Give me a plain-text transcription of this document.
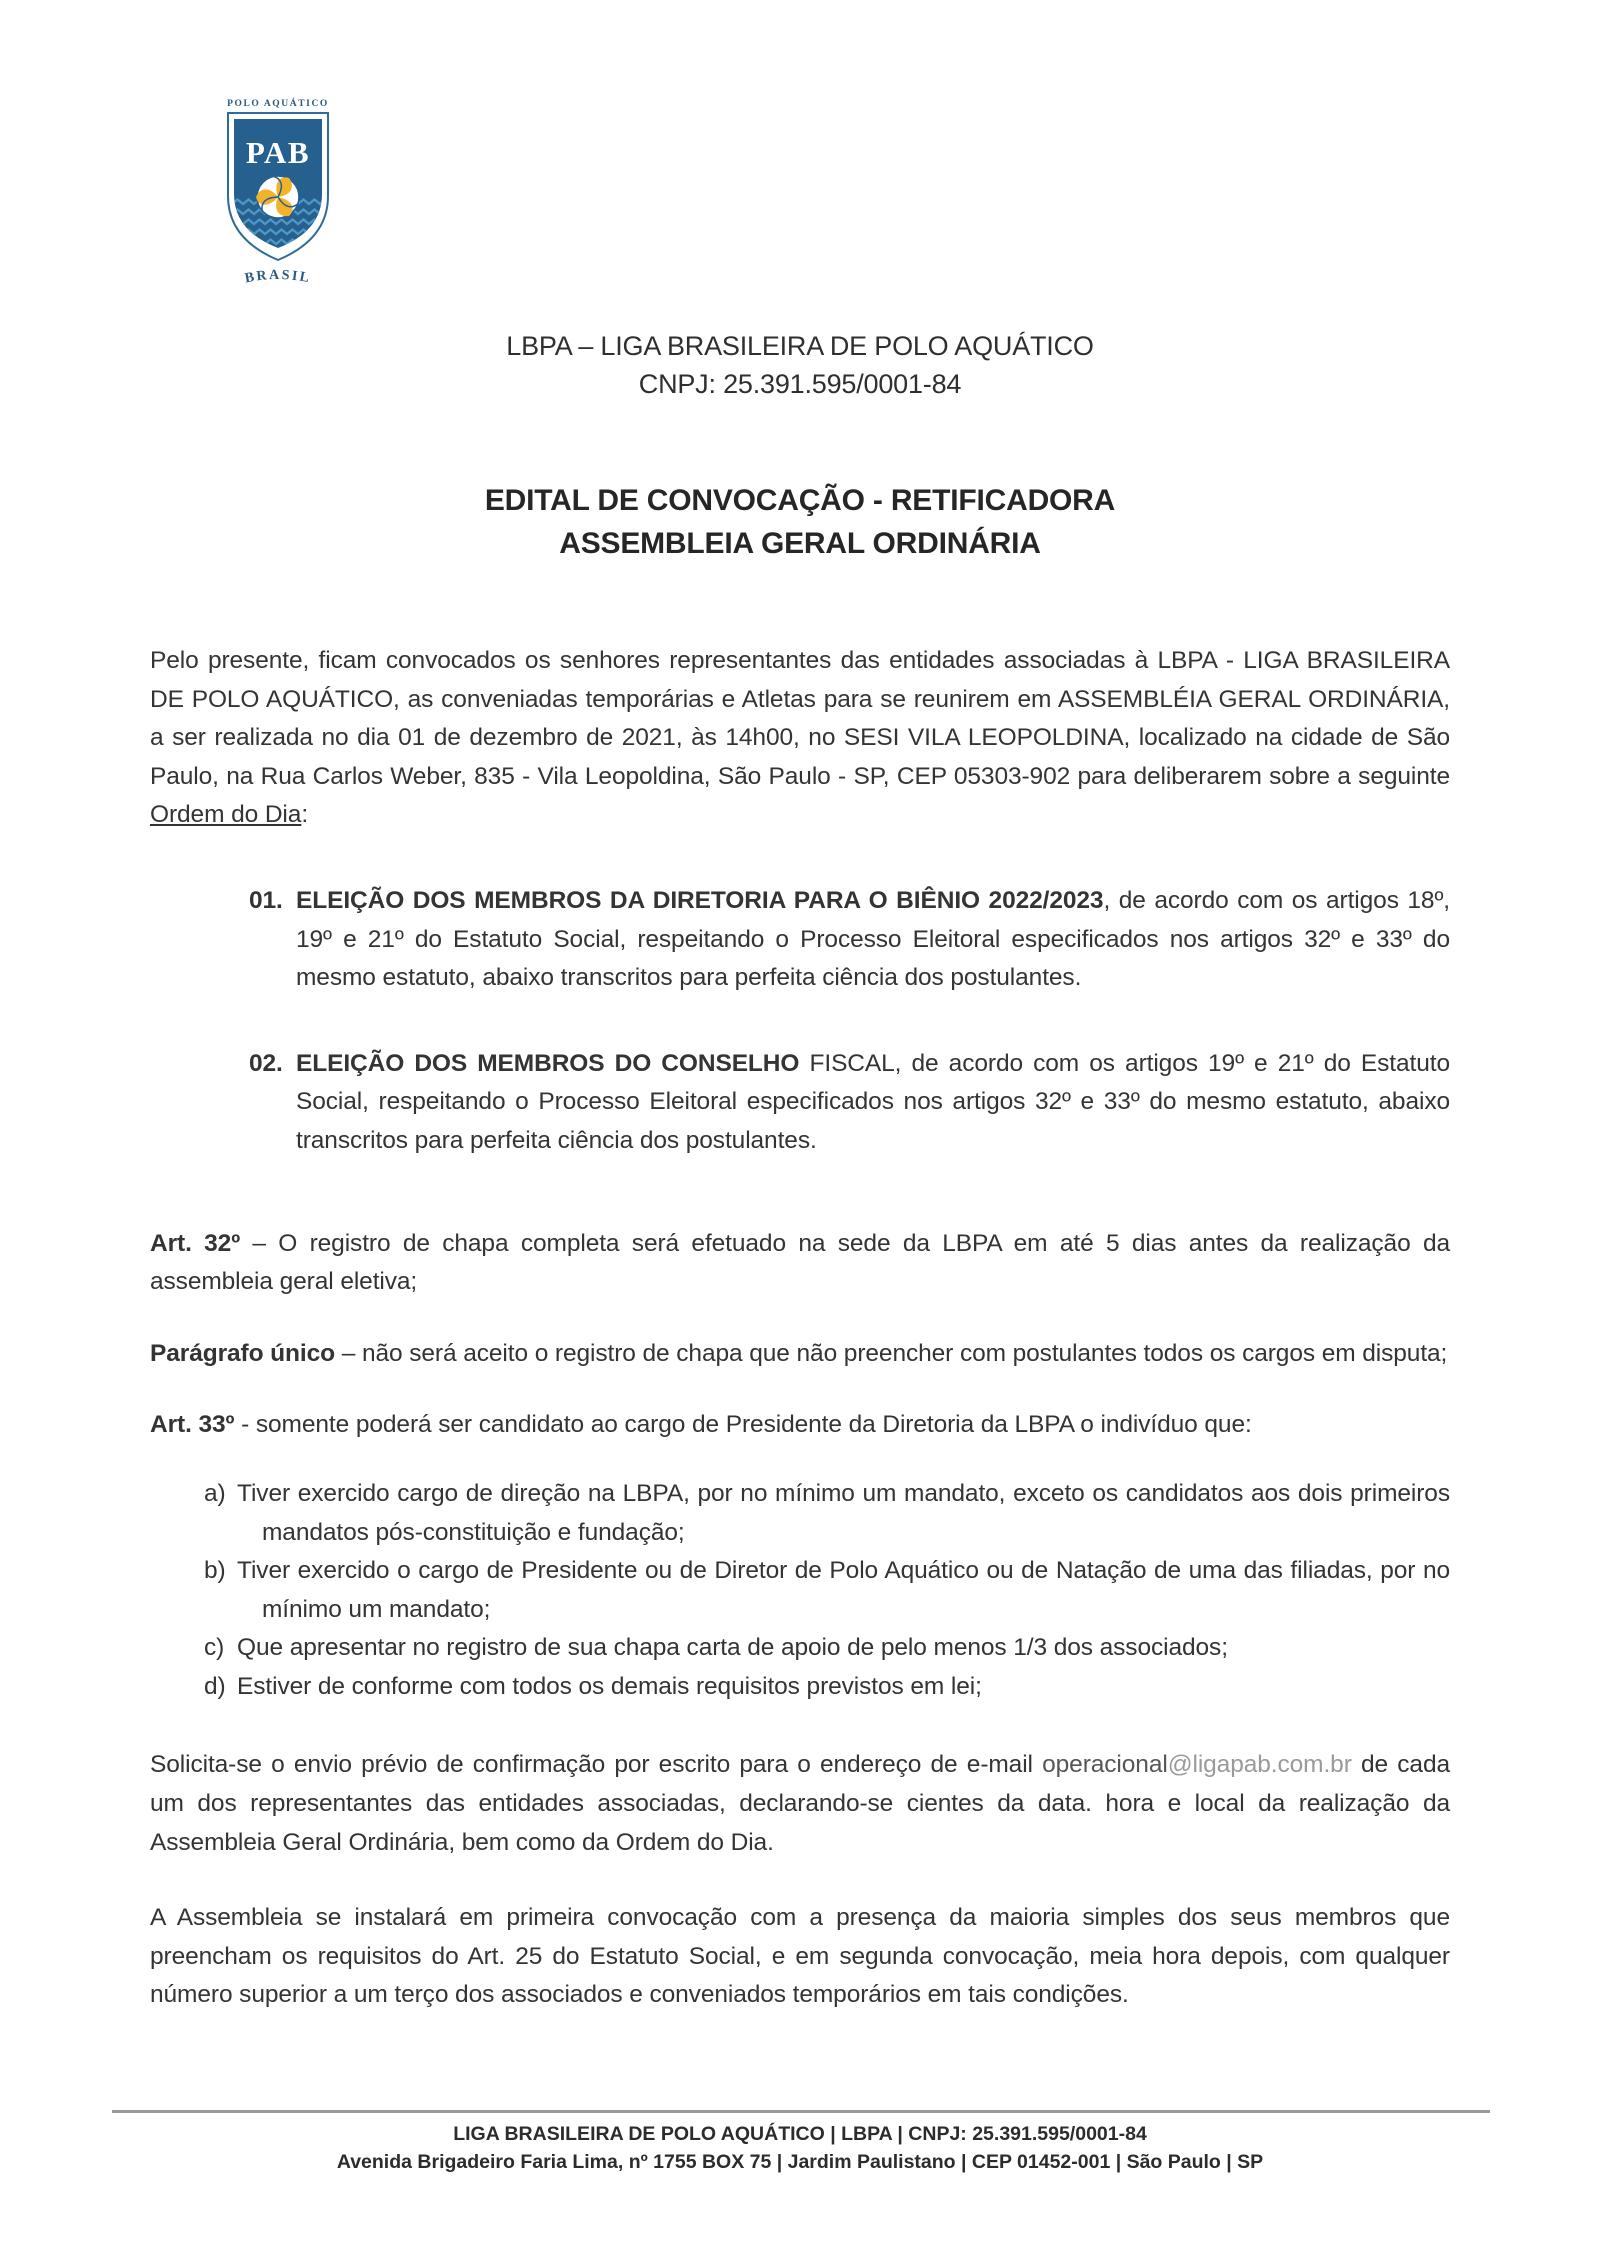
POLO AQUÁTICO
PAB
BRASIL
LBPA – LIGA BRASILEIRA DE POLO AQUÁTICO
CNPJ: 25.391.595/0001-84
EDITAL DE CONVOCAÇÃO - RETIFICADORA
ASSEMBLEIA GERAL ORDINÁRIA

Pelo presente, ficam convocados os senhores representantes das entidades associadas à LBPA - LIGA BRASILEIRA DE POLO AQUÁTICO, as conveniadas temporárias e Atletas para se reunirem em ASSEMBLÉIA GERAL ORDINÁRIA, a ser realizada no dia 01 de dezembro de 2021, às 14h00, no SESI VILA LEOPOLDINA, localizado na cidade de São Paulo, na Rua Carlos Weber, 835 - Vila Leopoldina, São Paulo - SP, CEP 05303-902 para deliberarem sobre a seguinte Ordem do Dia:

01. ELEIÇÃO DOS MEMBROS DA DIRETORIA PARA O BIÊNIO 2022/2023, de acordo com os artigos 18º, 19º e 21º do Estatuto Social, respeitando o Processo Eleitoral especificados nos artigos 32º e 33º do mesmo estatuto, abaixo transcritos para perfeita ciência dos postulantes.
02. ELEIÇÃO DOS MEMBROS DO CONSELHO FISCAL, de acordo com os artigos 19º e 21º do Estatuto Social, respeitando o Processo Eleitoral especificados nos artigos 32º e 33º do mesmo estatuto, abaixo transcritos para perfeita ciência dos postulantes.

Art. 32º – O registro de chapa completa será efetuado na sede da LBPA em até 5 dias antes da realização da assembleia geral eletiva;

Parágrafo único – não será aceito o registro de chapa que não preencher com postulantes todos os cargos em disputa;

Art. 33º - somente poderá ser candidato ao cargo de Presidente da Diretoria da LBPA o indivíduo que:

a) Tiver exercido cargo de direção na LBPA, por no mínimo um mandato, exceto os candidatos aos dois primeiros mandatos pós-constituição e fundação;
b) Tiver exercido o cargo de Presidente ou de Diretor de Polo Aquático ou de Natação de uma das filiadas, por no mínimo um mandato;
c) Que apresentar no registro de sua chapa carta de apoio de pelo menos 1/3 dos associados;
d) Estiver de conforme com todos os demais requisitos previstos em lei;

Solicita-se o envio prévio de confirmação por escrito para o endereço de e-mail operacional@ligapab.com.br de cada um dos representantes das entidades associadas, declarando-se cientes da data. hora e local da realização da Assembleia Geral Ordinária, bem como da Ordem do Dia.

A Assembleia se instalará em primeira convocação com a presença da maioria simples dos seus membros que preencham os requisitos do Art. 25 do Estatuto Social, e em segunda convocação, meia hora depois, com qualquer número superior a um terço dos associados e conveniados temporários em tais condições.

LIGA BRASILEIRA DE POLO AQUÁTICO | LBPA | CNPJ: 25.391.595/0001-84
Avenida Brigadeiro Faria Lima, nº 1755 BOX 75 | Jardim Paulistano | CEP 01452-001 | São Paulo | SP
